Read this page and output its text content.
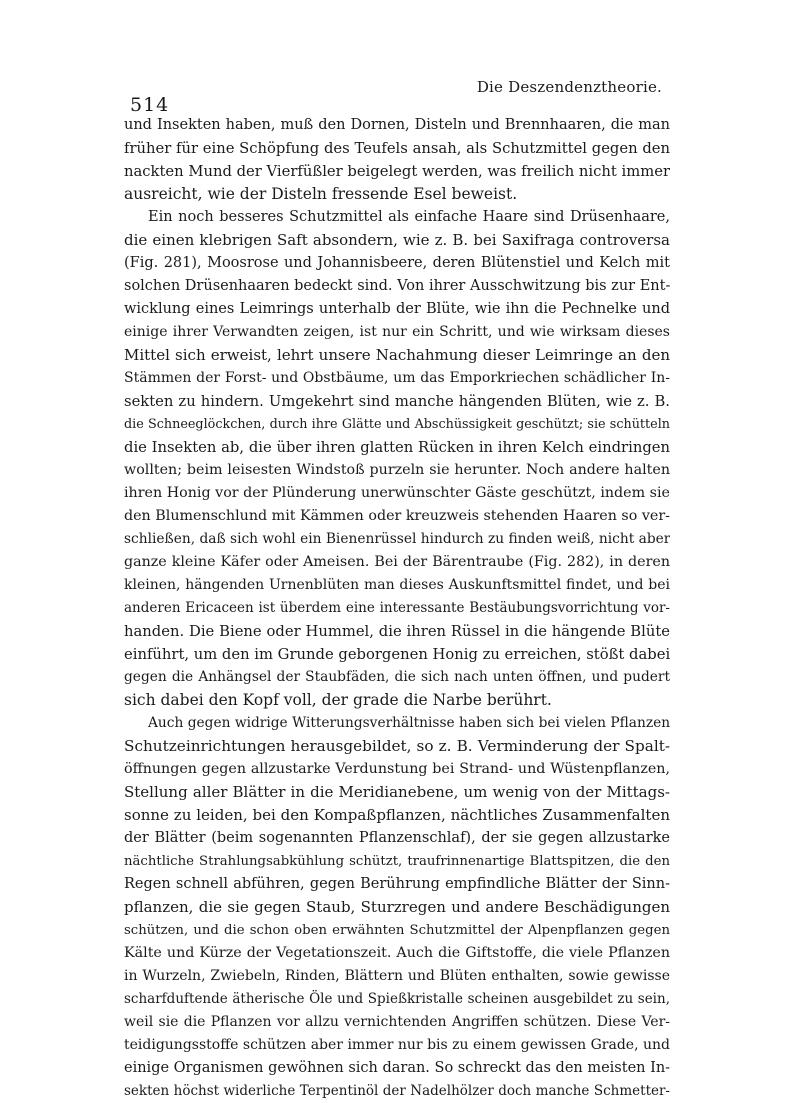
514
Die Deszendenztheorie.
und Insekten haben, muß den Dornen, Disteln und Brennhaaren, die man
früher für eine Schöpfung des Teufels ansah, als Schutzmittel gegen den
nackten Mund der Vierfüßler beigelegt werden, was freilich nicht immer
ausreicht, wie der Disteln fressende Esel beweist.
Ein noch besseres Schutzmittel als einfache Haare sind Drüsenhaare,
die einen klebrigen Saft absondern, wie z. B. bei Saxifraga controversa
(Fig. 281), Moosrose und Johannisbeere, deren Blütenstiel und Kelch mit
solchen Drüsenhaaren bedeckt sind. Von ihrer Ausschwitzung bis zur Ent-
wicklung eines Leimrings unterhalb der Blüte, wie ihn die Pechnelke und
einige ihrer Verwandten zeigen, ist nur ein Schritt, und wie wirksam dieses
Mittel sich erweist, lehrt unsere Nachahmung dieser Leimringe an den
Stämmen der Forst- und Obstbäume, um das Emporkriechen schädlicher In-
sekten zu hindern. Umgekehrt sind manche hängenden Blüten, wie z. B.
die Schneeglöckchen, durch ihre Glätte und Abschüssigkeit geschützt; sie schütteln
die Insekten ab, die über ihren glatten Rücken in ihren Kelch eindringen
wollten; beim leisesten Windstoß purzeln sie herunter. Noch andere halten
ihren Honig vor der Plünderung unerwünschter Gäste geschützt, indem sie
den Blumenschlund mit Kämmen oder kreuzweis stehenden Haaren so ver-
schließen, daß sich wohl ein Bienenrüssel hindurch zu finden weiß, nicht aber
ganze kleine Käfer oder Ameisen. Bei der Bärentraube (Fig. 282), in deren
kleinen, hängenden Urnenblüten man dieses Auskunftsmittel findet, und bei
anderen Ericaceen ist überdem eine interessante Bestäubungsvorrichtung vor-
handen. Die Biene oder Hummel, die ihren Rüssel in die hängende Blüte
einführt, um den im Grunde geborgenen Honig zu erreichen, stößt dabei
gegen die Anhängsel der Staubfäden, die sich nach unten öffnen, und pudert
sich dabei den Kopf voll, der grade die Narbe berührt.
Auch gegen widrige Witterungsverhältnisse haben sich bei vielen Pflanzen
Schutzeinrichtungen herausgebildet, so z. B. Verminderung der Spalt-
öffnungen gegen allzustarke Verdunstung bei Strand- und Wüstenpflanzen,
Stellung aller Blätter in die Meridianebene, um wenig von der Mittags-
sonne zu leiden, bei den Kompaßpflanzen, nächtliches Zusammenfalten
der Blätter (beim sogenannten Pflanzenschlaf), der sie gegen allzustarke
nächtliche Strahlungsabkühlung schützt, traufrinnenartige Blattspitzen, die den
Regen schnell abführen, gegen Berührung empfindliche Blätter der Sinn-
pflanzen, die sie gegen Staub, Sturzregen und andere Beschädigungen
schützen, und die schon oben erwähnten Schutzmittel der Alpenpflanzen gegen
Kälte und Kürze der Vegetationszeit. Auch die Giftstoffe, die viele Pflanzen
in Wurzeln, Zwiebeln, Rinden, Blättern und Blüten enthalten, sowie gewisse
scharfduftende ätherische Öle und Spießkristalle scheinen ausgebildet zu sein,
weil sie die Pflanzen vor allzu vernichtenden Angriffen schützen. Diese Ver-
teidigungsstoffe schützen aber immer nur bis zu einem gewissen Grade, und
einige Organismen gewöhnen sich daran. So schreckt das den meisten In-
sekten höchst widerliche Terpentinöl der Nadelhölzer doch manche Schmetter-
